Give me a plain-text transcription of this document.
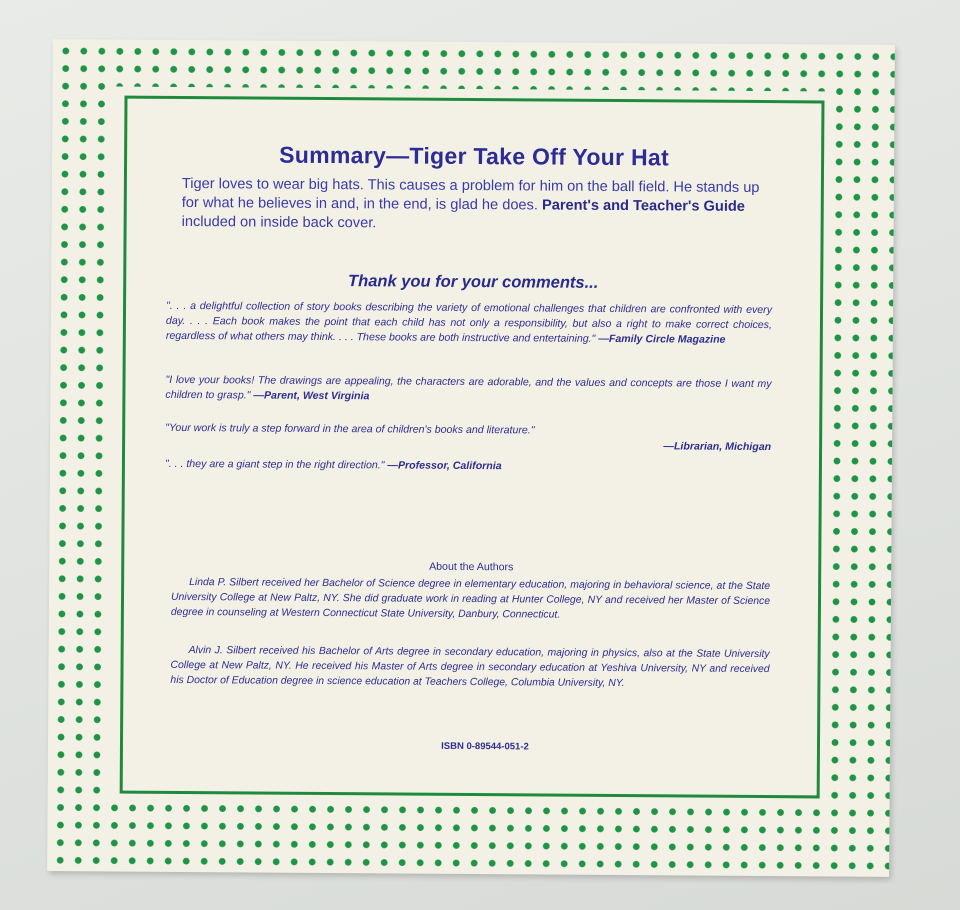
Summary—Tiger Take Off Your Hat
Tiger loves to wear big hats. This causes a problem for him on the ball field. He stands up for what he believes in and, in the end, is glad he does. Parent's and Teacher's Guide included on inside back cover.
Thank you for your comments...
". . . a delightful collection of story books describing the variety of emotional challenges that children are confronted with every day. . . . Each book makes the point that each child has not only a responsibility, but also a right to make correct choices, regardless of what others may think. . . . These books are both instructive and entertaining." —Family Circle Magazine
"I love your books! The drawings are appealing, the characters are adorable, and the values and concepts are those I want my children to grasp." —Parent, West Virginia
"Your work is truly a step forward in the area of children's books and literature."
—Librarian, Michigan
". . . they are a giant step in the right direction." —Professor, California
About the Authors
Linda P. Silbert received her Bachelor of Science degree in elementary education, majoring in behavioral science, at the State University College at New Paltz, NY. She did graduate work in reading at Hunter College, NY and received her Master of Science degree in counseling at Western Connecticut State University, Danbury, Connecticut.
Alvin J. Silbert received his Bachelor of Arts degree in secondary education, majoring in physics, also at the State University College at New Paltz, NY. He received his Master of Arts degree in secondary education at Yeshiva University, NY and received his Doctor of Education degree in science education at Teachers College, Columbia University, NY.
ISBN 0-89544-051-2
